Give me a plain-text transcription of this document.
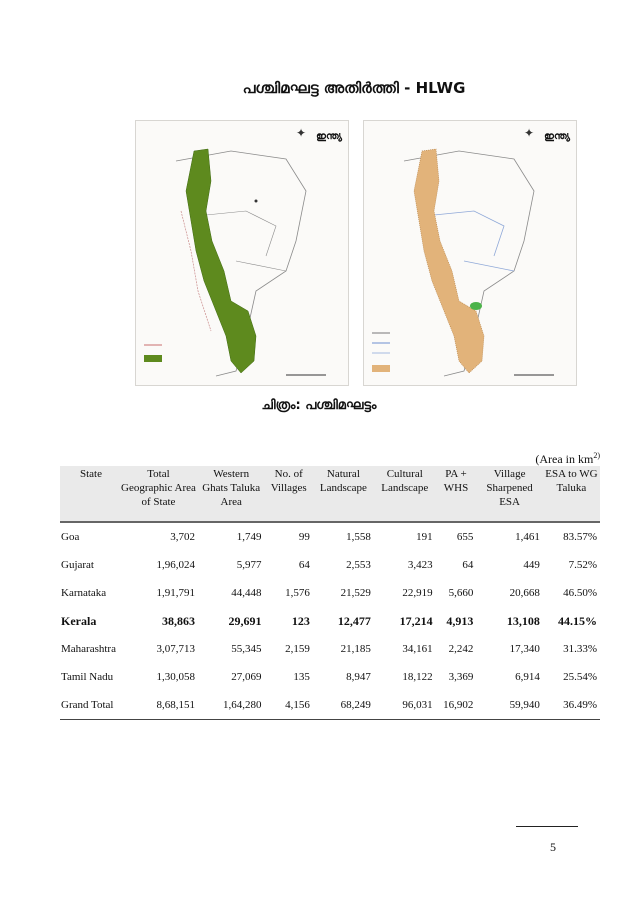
പശ്ചിമഘട്ട അതിർത്തി - HLWG
✦ ഇന്ത്യ	✦ ഇന്ത്യ
ചിത്രം: പശ്ചിമഘട്ടം
(Area in $km^{2)}$
State	Total Geographic Area of State	Western Ghats Taluka Area	No. of Villages	Natural Landscape	Cultural Landscape	PA + WHS	Village Sharpened ESA	ESA to WG Taluka
Goa	3,702	1,749	99	1,558	191	655	1,461	83.57%
Gujarat	1,96,024	5,977	64	2,553	3,423	64	449	7.52%
Karnataka	1,91,791	44,448	1,576	21,529	22,919	5,660	20,668	46.50%
Kerala	38,863	29,691	123	12,477	17,214	4,913	13,108	44.15%
Maharashtra	3,07,713	55,345	2,159	21,185	34,161	2,242	17,340	31.33%
Tamil Nadu	1,30,058	27,069	135	8,947	18,122	3,369	6,914	25.54%
Grand Total	8,68,151	1,64,280	4,156	68,249	96,031	16,902	59,940	36.49%
5
